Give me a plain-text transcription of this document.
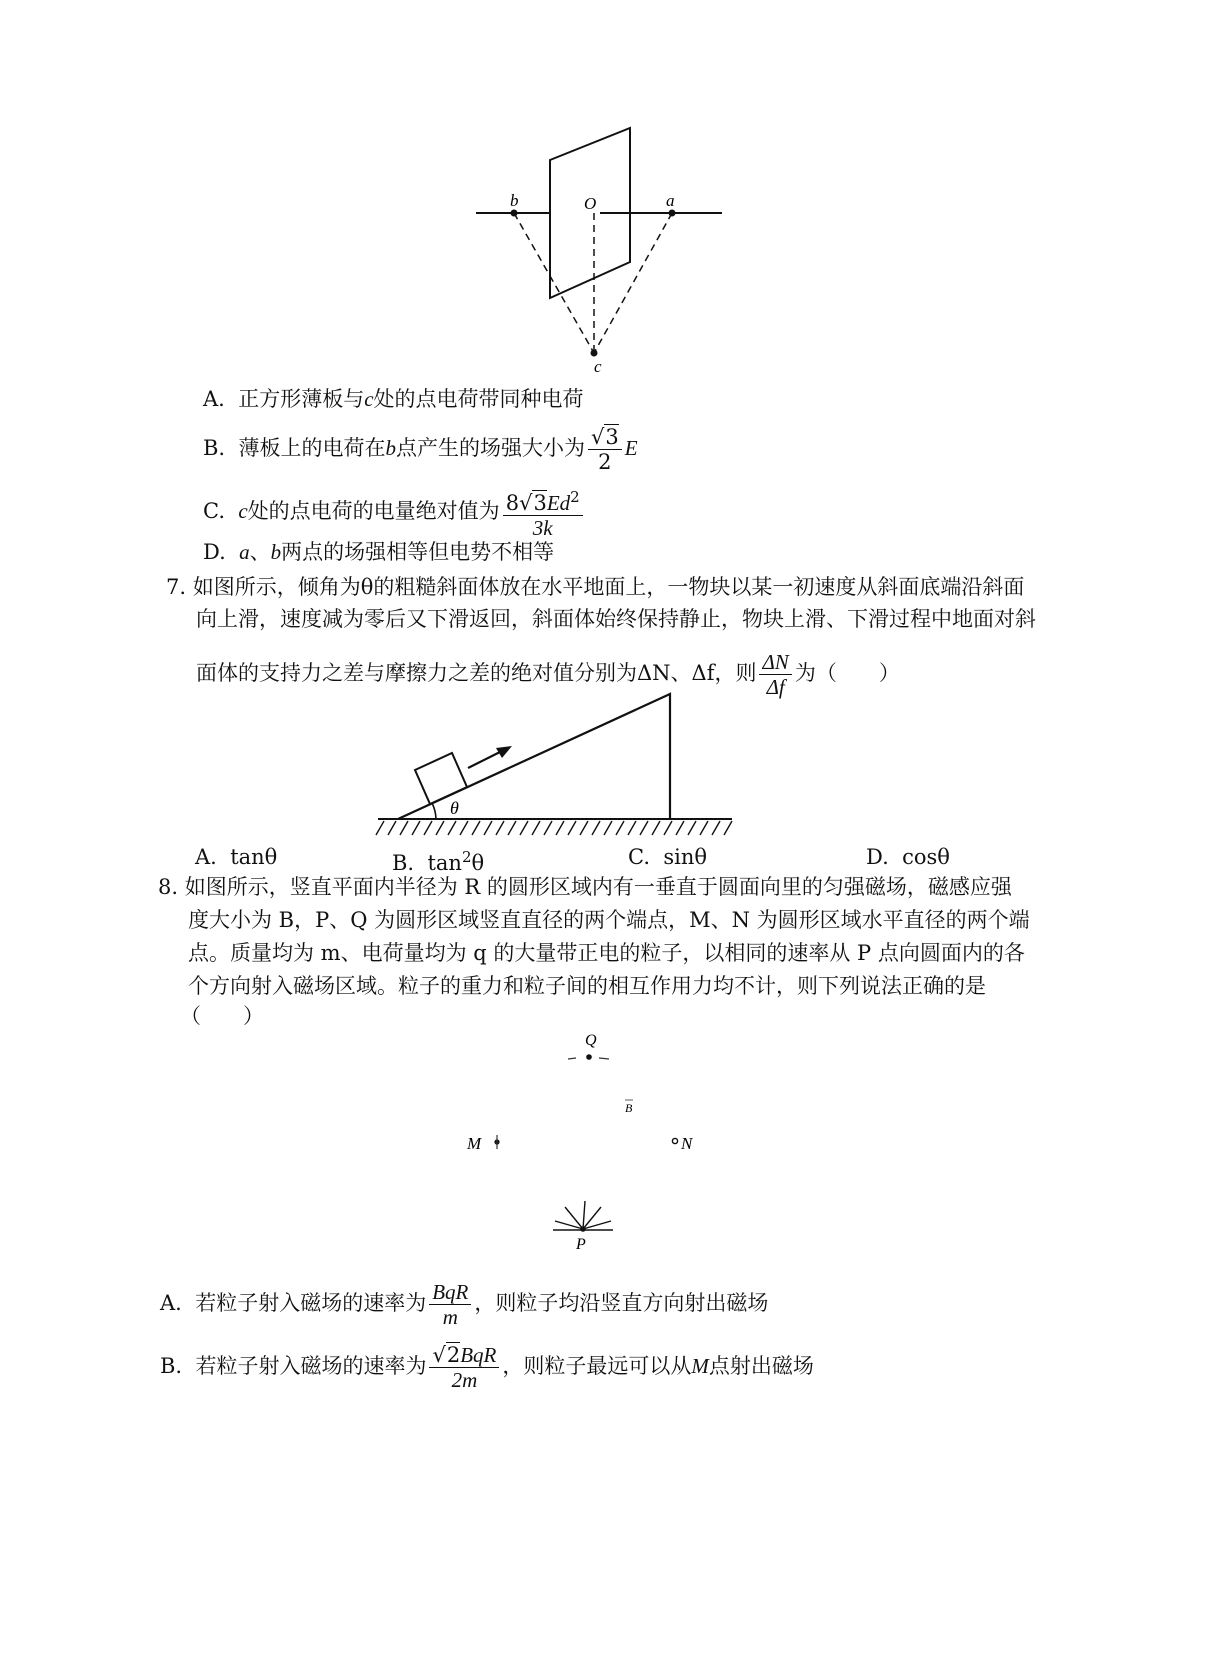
b	O	a
c
A. 正方形薄板与c处的点电荷带同种电荷
B. 薄板上的电荷在b点产生的场强大小为 $\frac{√3}{2}$ E
C. c处的点电荷的电量绝对值为 $\frac{8√3Ed^2}{3k}$
D. a、b两点的场强相等但电势不相等
7. 如图所示，倾角为θ的粗糙斜面体放在水平地面上，一物块以某一初速度从斜面底端沿斜面
向上滑，速度减为零后又下滑返回，斜面体始终保持静止，物块上滑、下滑过程中地面对斜
面体的支持力之差与摩擦力之差的绝对值分别为ΔN、Δf，则 $\frac{\Delta N}{\Delta f}$ 为（　　）
θ
A. tanθ	B. $\tan^2\theta$	C. sinθ	D. cosθ
8. 如图所示，竖直平面内半径为 R 的圆形区域内有一垂直于圆面向里的匀强磁场，磁感应强
度大小为 B，P、Q 为圆形区域竖直直径的两个端点，M、N 为圆形区域水平直径的两个端
点。质量均为 m、电荷量均为 q 的大量带正电的粒子，以相同的速率从 P 点向圆面内的各
个方向射入磁场区域。粒子的重力和粒子间的相互作用力均不计，则下列说法正确的是
（　　）
Q
B
M	N
P
A. 若粒子射入磁场的速率为 $\frac{\text{BqR}}{m}$ ，则粒子均沿竖直方向射出磁场
B. 若粒子射入磁场的速率为 $\frac{\text{√2BqR}}{2m}$ ，则粒子最远可以从M点射出磁场
